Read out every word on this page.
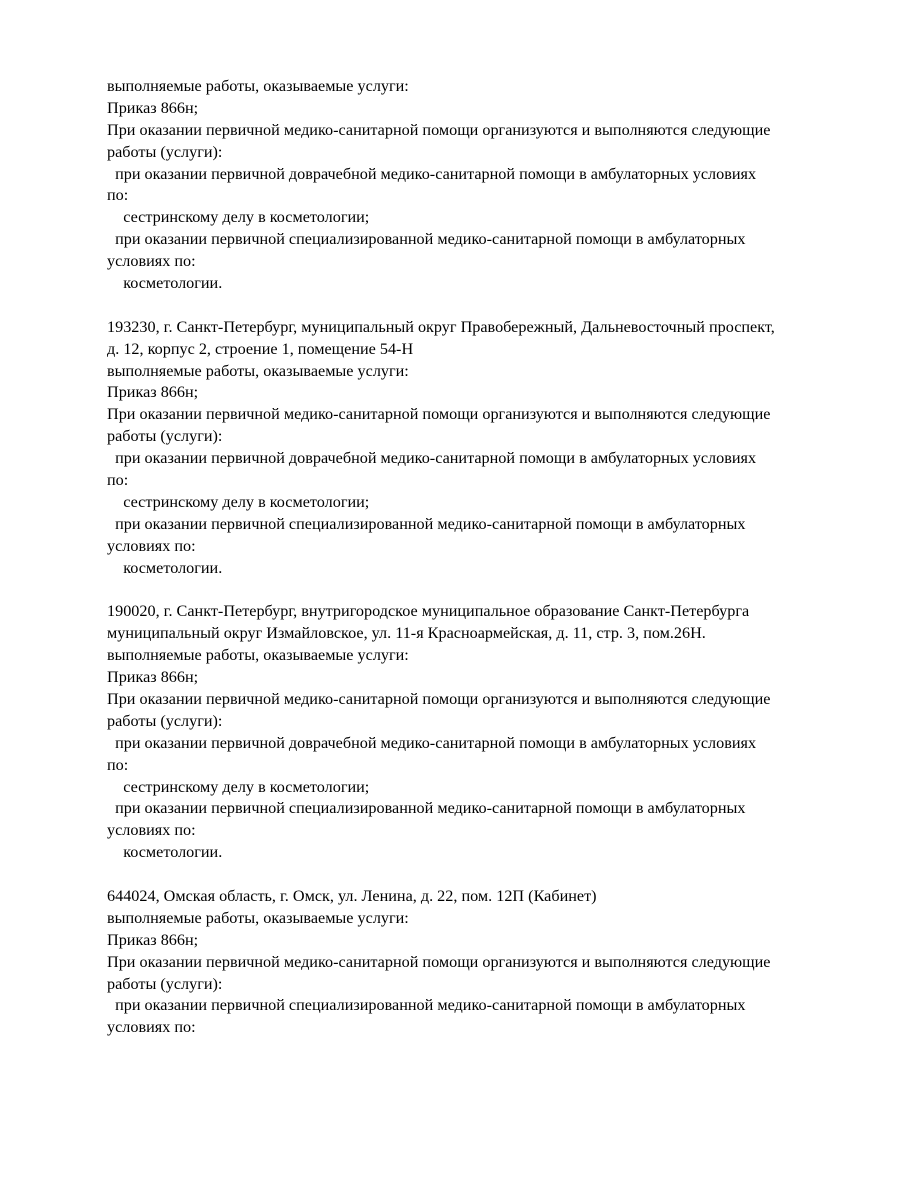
выполняемые работы, оказываемые услуги:
Приказ 866н;
При оказании первичной медико-санитарной помощи организуются и выполняются следующие
работы (услуги):
при оказании первичной доврачебной медико-санитарной помощи в амбулаторных условиях
по:
сестринскому делу в косметологии;
при оказании первичной специализированной медико-санитарной помощи в амбулаторных
условиях по:
косметологии.
193230, г. Санкт-Петербург, муниципальный округ Правобережный, Дальневосточный проспект,
д. 12, корпус 2, строение 1, помещение 54-Н
выполняемые работы, оказываемые услуги:
Приказ 866н;
При оказании первичной медико-санитарной помощи организуются и выполняются следующие
работы (услуги):
при оказании первичной доврачебной медико-санитарной помощи в амбулаторных условиях
по:
сестринскому делу в косметологии;
при оказании первичной специализированной медико-санитарной помощи в амбулаторных
условиях по:
косметологии.
190020, г. Санкт-Петербург, внутригородское муниципальное образование Санкт-Петербурга
муниципальный округ Измайловское, ул. 11-я Красноармейская, д. 11, стр. 3, пом.26Н.
выполняемые работы, оказываемые услуги:
Приказ 866н;
При оказании первичной медико-санитарной помощи организуются и выполняются следующие
работы (услуги):
при оказании первичной доврачебной медико-санитарной помощи в амбулаторных условиях
по:
сестринскому делу в косметологии;
при оказании первичной специализированной медико-санитарной помощи в амбулаторных
условиях по:
косметологии.
644024, Омская область, г. Омск, ул. Ленина, д. 22, пом. 12П (Кабинет)
выполняемые работы, оказываемые услуги:
Приказ 866н;
При оказании первичной медико-санитарной помощи организуются и выполняются следующие
работы (услуги):
при оказании первичной специализированной медико-санитарной помощи в амбулаторных
условиях по:
